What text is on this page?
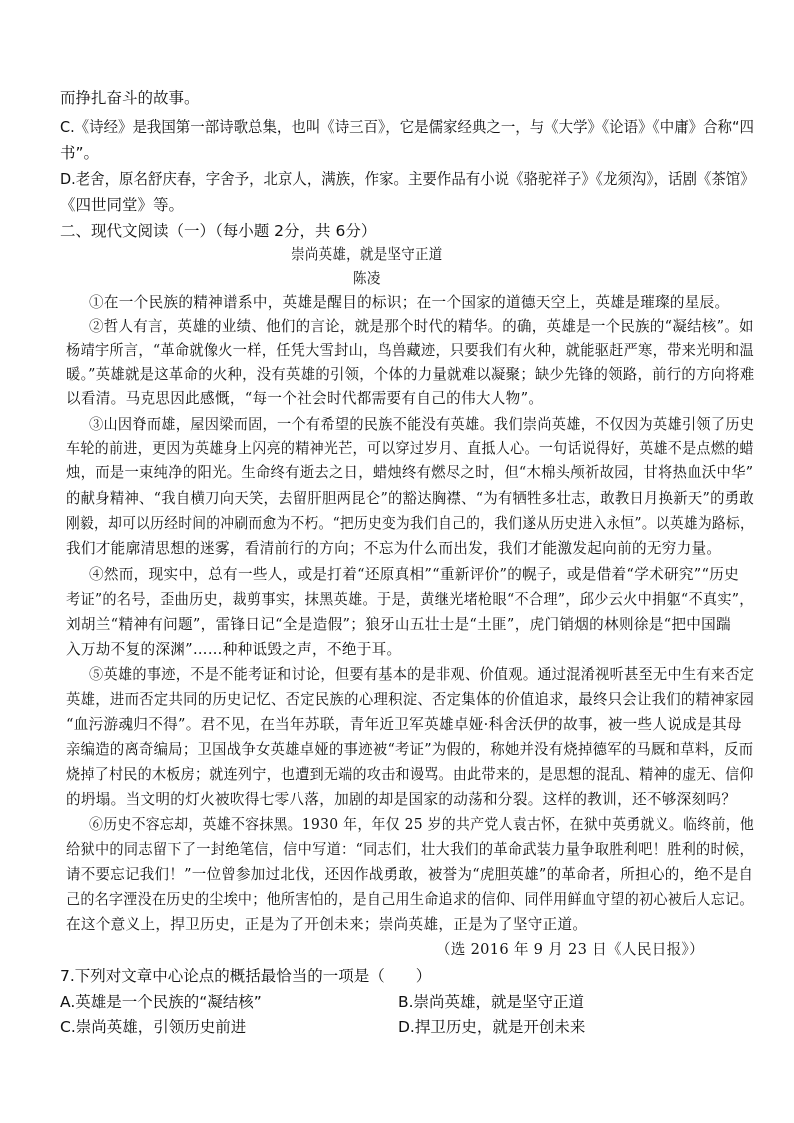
而挣扎奋斗的故事。
C.《诗经》是我国第一部诗歌总集，也叫《诗三百》，它是儒家经典之一，与《大学》《论语》《中庸》合称“四
书”。
D.老舍，原名舒庆春，字舍予，北京人，满族，作家。主要作品有小说《骆驼祥子》《龙须沟》，话剧《茶馆》
《四世同堂》等。
二、现代文阅读（一）（每小题 2分，共 6分）
崇尚英雄，就是坚守正道
陈凌
①在一个民族的精神谱系中，英雄是醒目的标识；在一个国家的道德天空上，英雄是璀璨的星辰。
②哲人有言，英雄的业绩、他们的言论，就是那个时代的精华。的确，英雄是一个民族的“凝结核”。如
杨靖宇所言，“革命就像火一样，任凭大雪封山，鸟兽藏迹，只要我们有火种，就能驱赶严寒，带来光明和温
暖。”英雄就是这革命的火种，没有英雄的引领，个体的力量就难以凝聚；缺少先锋的领路，前行的方向将难
以看清。马克思因此感慨，“每一个社会时代都需要有自己的伟大人物”。
③山因脊而雄，屋因梁而固，一个有希望的民族不能没有英雄。我们崇尚英雄，不仅因为英雄引领了历史
车轮的前进，更因为英雄身上闪亮的精神光芒，可以穿过岁月、直抵人心。一句话说得好，英雄不是点燃的蜡
烛，而是一束纯净的阳光。生命终有逝去之日，蜡烛终有燃尽之时，但“木棉头颅祈故园，甘将热血沃中华”
的献身精神、“我自横刀向天笑，去留肝胆两昆仑”的豁达胸襟、“为有牺牲多壮志，敢教日月换新天”的勇敢
刚毅，却可以历经时间的冲刷而愈为不朽。“把历史变为我们自己的，我们遂从历史进入永恒”。以英雄为路标，
我们才能廓清思想的迷雾，看清前行的方向；不忘为什么而出发，我们才能激发起向前的无穷力量。
④然而，现实中，总有一些人，或是打着“还原真相”“重新评价”的幌子，或是借着“学术研究”“历史
考证”的名号，歪曲历史，裁剪事实，抹黑英雄。于是，黄继光堵枪眼“不合理”，邱少云火中捐躯“不真实”，
刘胡兰“精神有问题”，雷锋日记“全是造假”；狼牙山五壮士是“土匪”，虎门销烟的林则徐是“把中国踹
入万劫不复的深渊”……种种诋毁之声，不绝于耳。
⑤英雄的事迹，不是不能考证和讨论，但要有基本的是非观、价值观。通过混淆视听甚至无中生有来否定
英雄，进而否定共同的历史记忆、否定民族的心理积淀、否定集体的价值追求，最终只会让我们的精神家园
“血污游魂归不得”。君不见，在当年苏联，青年近卫军英雄卓娅·科舍沃伊的故事，被一些人说成是其母
亲编造的离奇编局；卫国战争女英雄卓娅的事迹被“考证”为假的，称她并没有烧掉德军的马厩和草料，反而
烧掉了村民的木板房；就连列宁，也遭到无端的攻击和谩骂。由此带来的，是思想的混乱、精神的虚无、信仰
的坍塌。当文明的灯火被吹得七零八落，加剧的却是国家的动荡和分裂。这样的教训，还不够深刻吗？
⑥历史不容忘却，英雄不容抹黑。1930 年，年仅 25 岁的共产党人袁古怀，在狱中英勇就义。临终前，他
给狱中的同志留下了一封绝笔信，信中写道：“同志们，壮大我们的革命武装力量争取胜利吧！胜利的时候，
请不要忘记我们！”一位曾参加过北伐，还因作战勇敢，被誉为“虎胆英雄”的革命者，所担心的，绝不是自
己的名字湮没在历史的尘埃中；他所害怕的，是自己用生命追求的信仰、同伴用鲜血守望的初心被后人忘记。
在这个意义上，捍卫历史，正是为了开创未来；崇尚英雄，正是为了坚守正道。
（选 2016 年 9 月 23 日《人民日报》）
7.下列对文章中心论点的概括最恰当的一项是（　　）
A.英雄是一个民族的“凝结核”	B.崇尚英雄，就是坚守正道
C.崇尚英雄，引领历史前进	D.捍卫历史，就是开创未来
